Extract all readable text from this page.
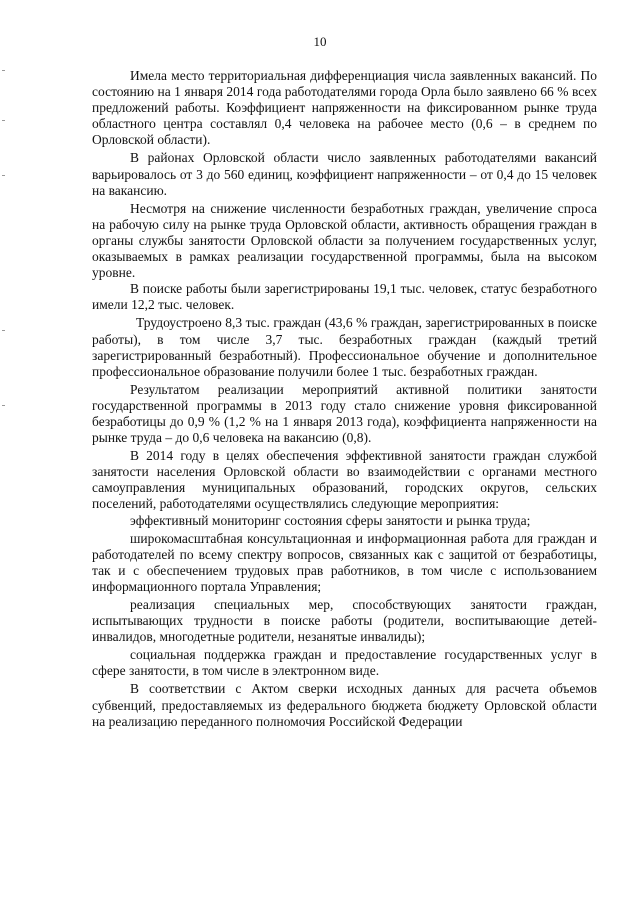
10

Имела место территориальная дифференциация числа заявленных вакансий. По состоянию на 1 января 2014 года работодателями города Орла было заявлено 66 % всех предложений работы. Коэффициент напряженности на фиксированном рынке труда областного центра составлял 0,4 человека на рабочее место (0,6 – в среднем по Орловской области).

В районах Орловской области число заявленных работодателями вакансий варьировалось от 3 до 560 единиц, коэффициент напряженности – от 0,4 до 15 человек на вакансию.

Несмотря на снижение численности безработных граждан, увеличение спроса на рабочую силу на рынке труда Орловской области, активность обращения граждан в органы службы занятости Орловской области за получением государственных услуг, оказываемых в рамках реализации государственной программы, была на высоком уровне.

В поиске работы были зарегистрированы 19,1 тыс. человек, статус безработного имели 12,2 тыс. человек.

Трудоустроено 8,3 тыс. граждан (43,6 % граждан, зарегистрированных в поиске работы), в том числе 3,7 тыс. безработных граждан (каждый третий зарегистрированный безработный). Профессиональное обучение и дополнительное профессиональное образование получили более 1 тыс. безработных граждан.

Результатом реализации мероприятий активной политики занятости государственной программы в 2013 году стало снижение уровня фиксированной безработицы до 0,9 % (1,2 % на 1 января 2013 года), коэффициента напряженности на рынке труда – до 0,6 человека на вакансию (0,8).

В 2014 году в целях обеспечения эффективной занятости граждан службой занятости населения Орловской области во взаимодействии с органами местного самоуправления муниципальных образований, городских округов, сельских поселений, работодателями осуществлялись следующие мероприятия:

эффективный мониторинг состояния сферы занятости и рынка труда;

широкомасштабная консультационная и информационная работа для граждан и работодателей по всему спектру вопросов, связанных как с защитой от безработицы, так и с обеспечением трудовых прав работников, в том числе с использованием информационного портала Управления;

реализация специальных мер, способствующих занятости граждан, испытывающих трудности в поиске работы (родители, воспитывающие детей-инвалидов, многодетные родители, незанятые инвалиды);

социальная поддержка граждан и предоставление государственных услуг в сфере занятости, в том числе в электронном виде.

В соответствии с Актом сверки исходных данных для расчета объемов субвенций, предоставляемых из федерального бюджета бюджету Орловской области на реализацию переданного полномочия Российской Федерации
